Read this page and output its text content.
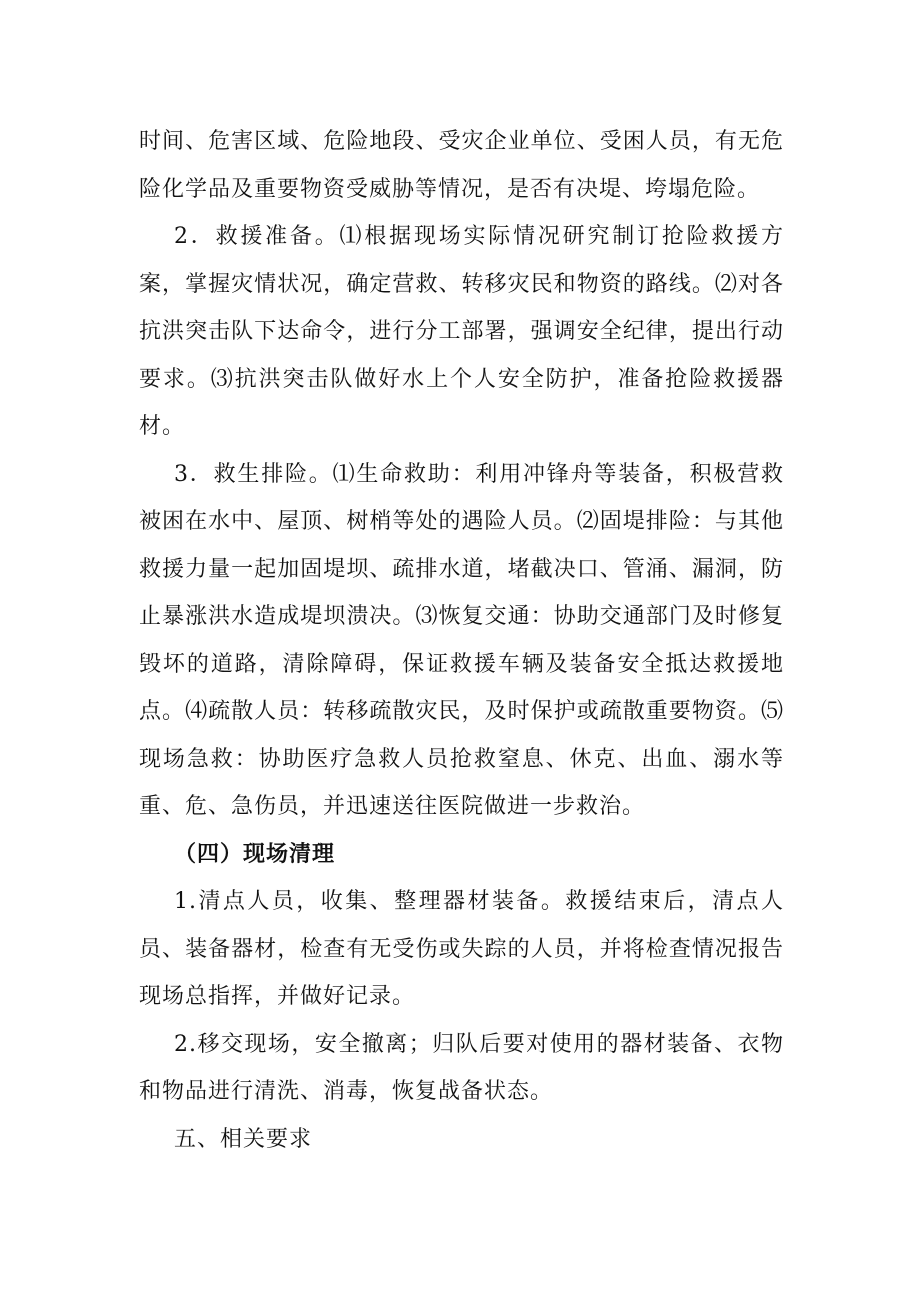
时间、危害区域、危险地段、受灾企业单位、受困人员，有无危险化学品及重要物资受威胁等情况，是否有决堤、垮塌危险。

2．救援准备。⑴根据现场实际情况研究制订抢险救援方案，掌握灾情状况，确定营救、转移灾民和物资的路线。⑵对各抗洪突击队下达命令，进行分工部署，强调安全纪律，提出行动要求。⑶抗洪突击队做好水上个人安全防护，准备抢险救援器材。

3．救生排险。⑴生命救助：利用冲锋舟等装备，积极营救被困在水中、屋顶、树梢等处的遇险人员。⑵固堤排险：与其他救援力量一起加固堤坝、疏排水道，堵截决口、管涌、漏洞，防止暴涨洪水造成堤坝溃决。⑶恢复交通：协助交通部门及时修复毁坏的道路，清除障碍，保证救援车辆及装备安全抵达救援地点。⑷疏散人员：转移疏散灾民，及时保护或疏散重要物资。⑸现场急救：协助医疗急救人员抢救窒息、休克、出血、溺水等重、危、急伤员，并迅速送往医院做进一步救治。

（四）现场清理

1.清点人员，收集、整理器材装备。救援结束后，清点人员、装备器材，检查有无受伤或失踪的人员，并将检查情况报告现场总指挥，并做好记录。

2.移交现场，安全撤离；归队后要对使用的器材装备、衣物和物品进行清洗、消毒，恢复战备状态。

五、相关要求
